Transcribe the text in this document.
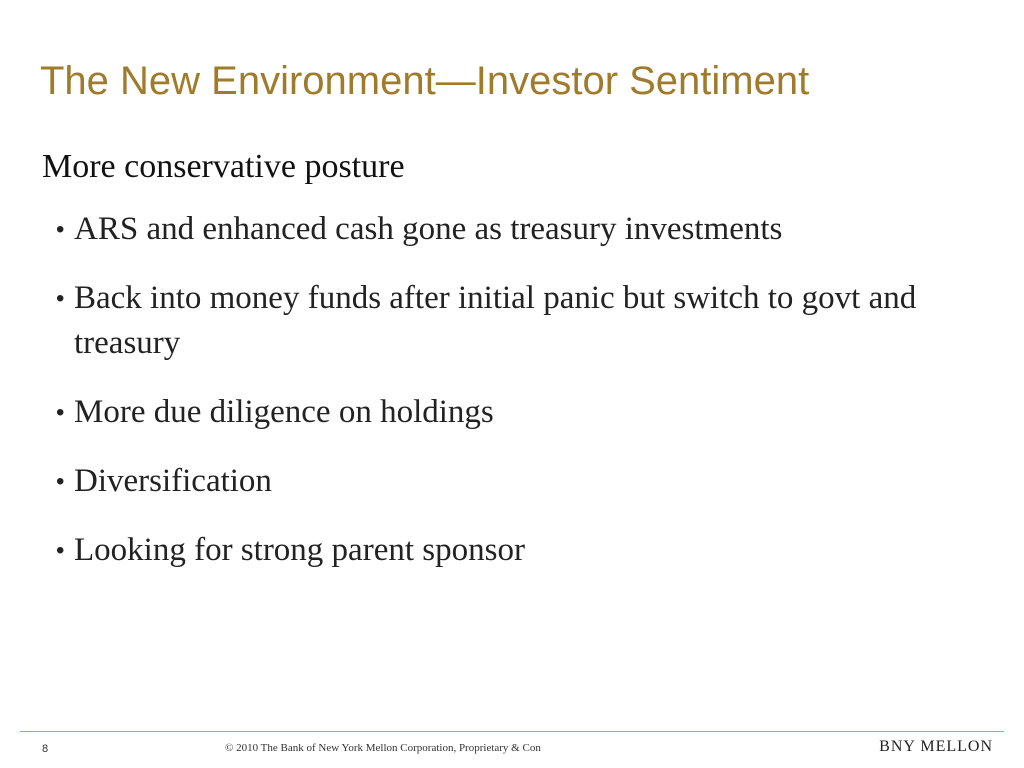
The New Environment—Investor Sentiment
More conservative posture
• ARS and enhanced cash gone as treasury investments
• Back into money funds after initial panic but switch to govt and treasury
• More due diligence on holdings
• Diversification
• Looking for strong parent sponsor
8	© 2010 The Bank of New York Mellon Corporation, Proprietary & Con	BNY MELLON
